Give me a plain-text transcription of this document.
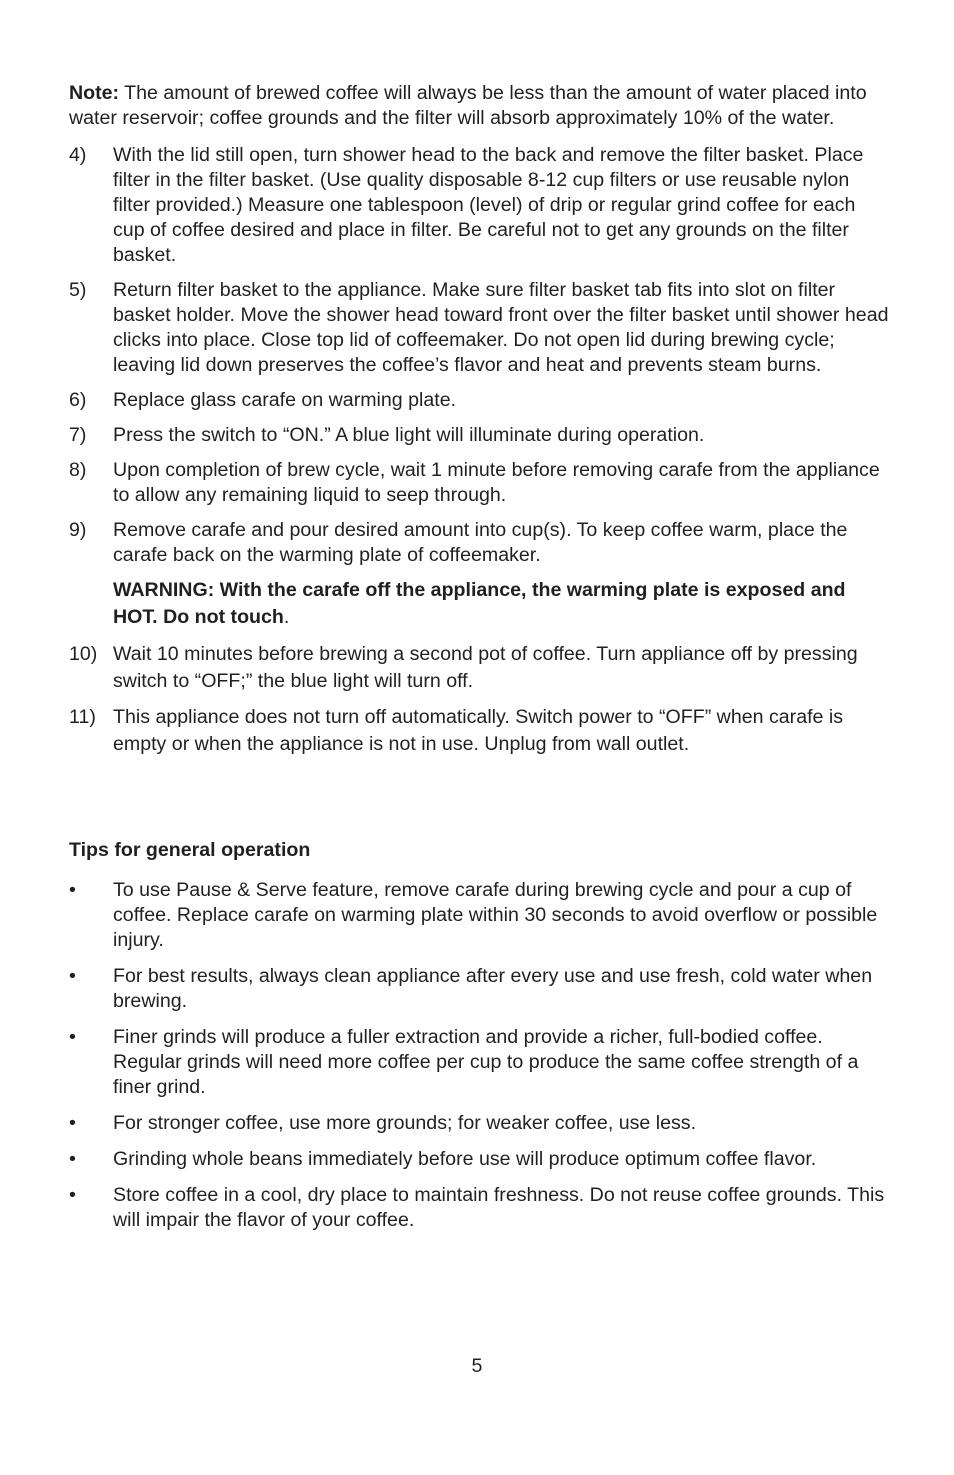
Note: The amount of brewed coffee will always be less than the amount of water placed into water reservoir; coffee grounds and the filter will absorb approximately 10% of the water.

4) With the lid still open, turn shower head to the back and remove the filter basket. Place filter in the filter basket. (Use quality disposable 8-12 cup filters or use reusable nylon filter provided.) Measure one tablespoon (level) of drip or regular grind coffee for each cup of coffee desired and place in filter. Be careful not to get any grounds on the filter basket.
5) Return filter basket to the appliance. Make sure filter basket tab fits into slot on filter basket holder. Move the shower head toward front over the filter basket until shower head clicks into place. Close top lid of coffeemaker. Do not open lid during brewing cycle; leaving lid down preserves the coffee’s flavor and heat and prevents steam burns.
6) Replace glass carafe on warming plate.
7) Press the switch to “ON.” A blue light will illuminate during operation.
8) Upon completion of brew cycle, wait 1 minute before removing carafe from the appliance to allow any remaining liquid to seep through.
9) Remove carafe and pour desired amount into cup(s). To keep coffee warm, place the carafe back on the warming plate of coffeemaker.

WARNING: With the carafe off the appliance, the warming plate is exposed and HOT. Do not touch.

10) Wait 10 minutes before brewing a second pot of coffee. Turn appliance off by pressing switch to “OFF;” the blue light will turn off.
11) This appliance does not turn off automatically. Switch power to “OFF” when carafe is empty or when the appliance is not in use. Unplug from wall outlet.
Tips for general operation
• To use Pause & Serve feature, remove carafe during brewing cycle and pour a cup of coffee. Replace carafe on warming plate within 30 seconds to avoid overflow or possible injury.
• For best results, always clean appliance after every use and use fresh, cold water when brewing.
• Finer grinds will produce a fuller extraction and provide a richer, full-bodied coffee. Regular grinds will need more coffee per cup to produce the same coffee strength of a finer grind.
• For stronger coffee, use more grounds; for weaker coffee, use less.
• Grinding whole beans immediately before use will produce optimum coffee flavor.
• Store coffee in a cool, dry place to maintain freshness. Do not reuse coffee grounds. This will impair the flavor of your coffee.
5
